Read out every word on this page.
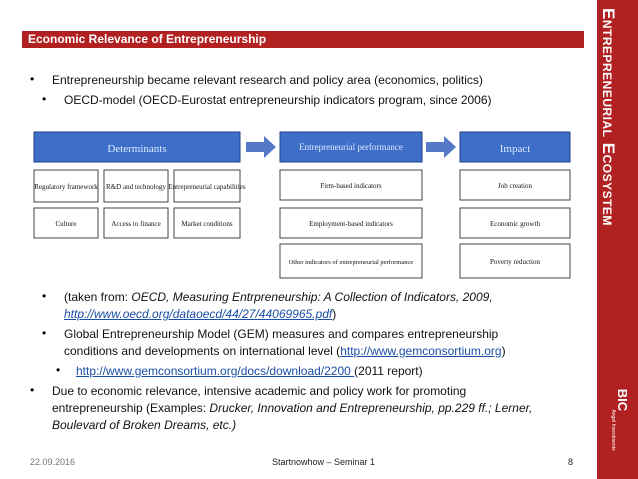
Economic Relevance of Entrepreneurship	Entrepreneurial Ecosystem
BIC
Angel Investments
• Entrepreneurship became relevant research and policy area (economics, politics)
• OECD-model (OECD-Eurostat entrepreneurship indicators program, since 2006)
Determinants	Entrepreneurial performance	Impact
Regulatory framework R&D and technology Entrepreneurial capabilities
Culture	Access to finance	Market conditions
Firm-based indicators
Employment-based indicators
Other indicators of entrepreneurial performance
Job creation
Economic growth
Poverty reduction
• (taken from: OECD, Measuring Entrpreneurship: A Collection of Indicators, 2009,
http://www.oecd.org/dataoecd/44/27/44069965.pdf)
• Global Entrepreneurship Model (GEM) measures and compares entrepreneurship
conditions and developments on international level (http://www.gemconsortium.org)
• http://www.gemconsortium.org/docs/download/2200 (2011 report)
• Due to economic relevance, intensive academic and policy work for promoting
entrepreneurship (Examples: Drucker, Innovation and Entrepreneurship, pp.229 ff.; Lerner,
Boulevard of Broken Dreams, etc.)
22.09.2016	Startnowhow – Seminar 1	8
